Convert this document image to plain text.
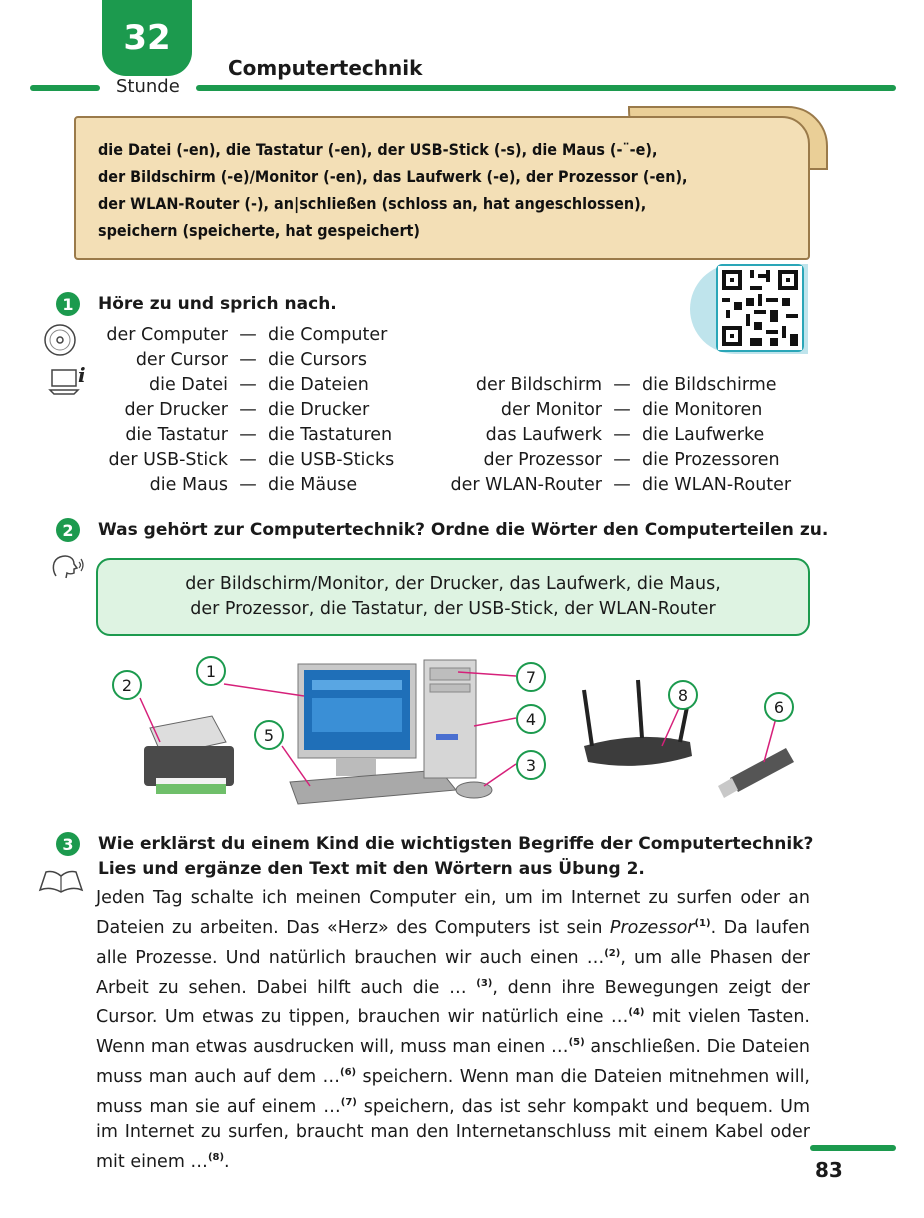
32
Stunde
Computertechnik
die Datei (-en), die Tastatur (-en), der USB-Stick (-s), die Maus (-¨-e),
der Bildschirm (-e)/Monitor (-en), das Laufwerk (-e), der Prozessor (-en),
der WLAN-Router (-), an|schließen (schloss an, hat angeschlossen),
speichern (speicherte, hat gespeichert)
1	Höre zu und sprich nach.
i
der Computer — die Computer
der Cursor — die Cursors
die Datei — die Dateien
der Drucker — die Drucker
die Tastatur — die Tastaturen
der USB-Stick — die USB-Sticks
die Maus — die Mäuse
der Bildschirm — die Bildschirme
der Monitor — die Monitoren
das Laufwerk — die Laufwerke
der Prozessor — die Prozessoren
der WLAN-Router — die WLAN-Router
2	Was gehört zur Computertechnik? Ordne die Wörter den Computerteilen zu.
der Bildschirm/Monitor, der Drucker, das Laufwerk, die Maus,
der Prozessor, die Tastatur, der USB-Stick, der WLAN-Router
1
2
3
4
5
6
7
8
3	Wie erklärst du einem Kind die wichtigsten Begriffe der Computertechnik?
Lies und ergänze den Text mit den Wörtern aus Übung 2.
Jeden Tag schalte ich meinen Computer ein, um im Internet zu surfen oder an Dateien zu arbeiten. Das «Herz» des Computers ist sein Prozessor$^{(1)}$. Da laufen alle Prozesse. Und natürlich brauchen wir auch einen …$^{(2)}$, um alle Phasen der Arbeit zu sehen. Dabei hilft auch die … $^{(3)}$, denn ihre Bewegungen zeigt der Cursor. Um etwas zu tippen, brauchen wir natürlich eine …$^{(4)}$ mit vielen Tasten. Wenn man etwas ausdrucken will, muss man einen …$^{(5)}$ anschließen. Die Dateien muss man auch auf dem …$^{(6)}$ speichern. Wenn man die Dateien mitnehmen will, muss man sie auf einem …$^{(7)}$ speichern, das ist sehr kompakt und bequem. Um im Internet zu surfen, braucht man den Internetanschluss mit einem Kabel oder mit einem …$^{(8)}$.	83
